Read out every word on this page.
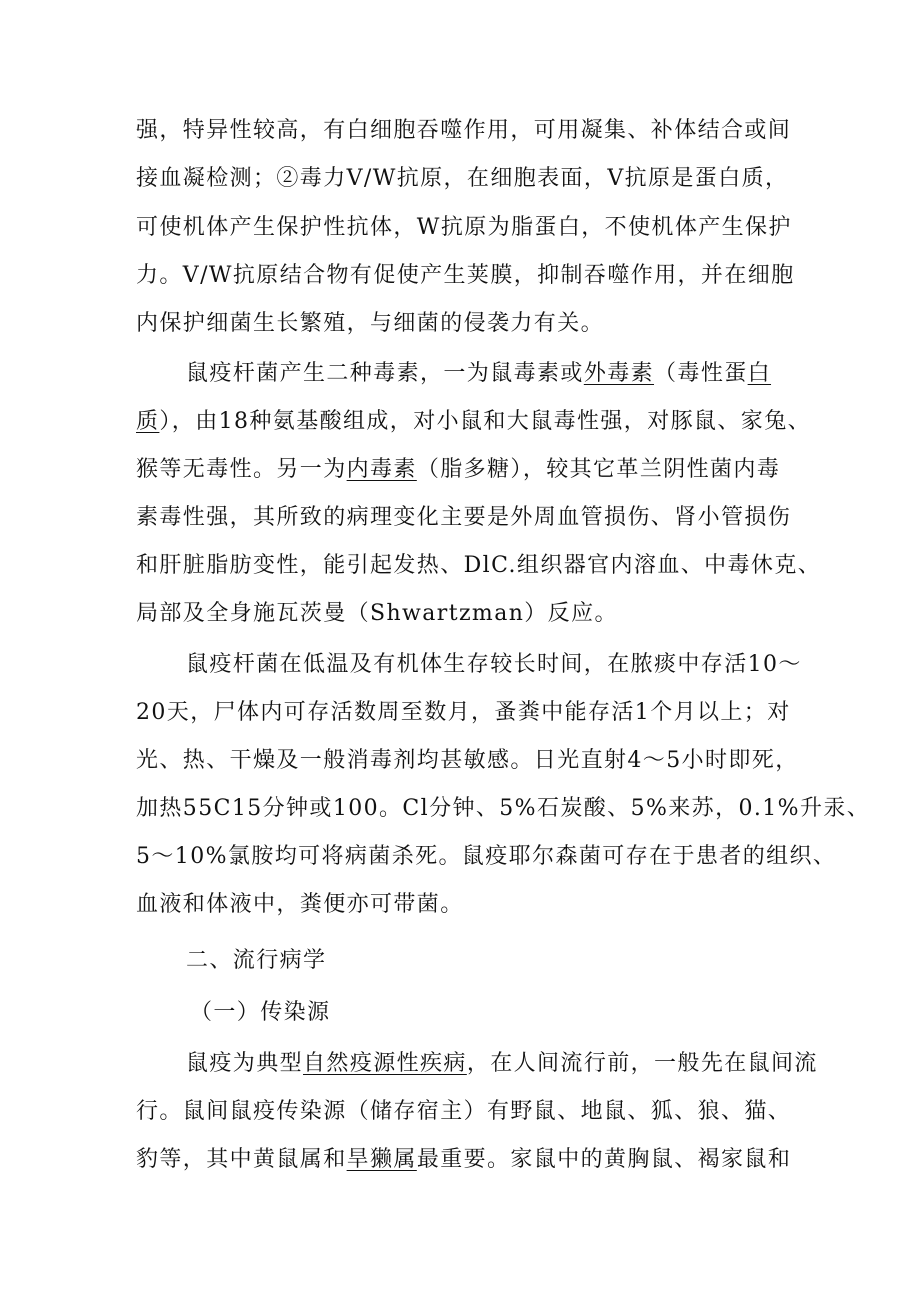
强，特异性较高，有白细胞吞噬作用，可用凝集、补体结合或间
接血凝检测；②毒力V/W抗原，在细胞表面，V抗原是蛋白质，
可使机体产生保护性抗体，W抗原为脂蛋白，不使机体产生保护
力。V/W抗原结合物有促使产生荚膜，抑制吞噬作用，并在细胞
内保护细菌生长繁殖，与细菌的侵袭力有关。
鼠疫杆菌产生二种毒素，一为鼠毒素或外毒素（毒性蛋白
质），由18种氨基酸组成，对小鼠和大鼠毒性强，对豚鼠、家兔、
猴等无毒性。另一为内毒素（脂多糖），较其它革兰阴性菌内毒
素毒性强，其所致的病理变化主要是外周血管损伤、肾小管损伤
和肝脏脂肪变性，能引起发热、DlC.组织器官内溶血、中毒休克、
局部及全身施瓦茨曼（Shwartzman）反应。
鼠疫杆菌在低温及有机体生存较长时间，在脓痰中存活10～
20天，尸体内可存活数周至数月，蚤粪中能存活1个月以上；对
光、热、干燥及一般消毒剂均甚敏感。日光直射4～5小时即死，
加热55C15分钟或100。Cl分钟、5%石炭酸、5%来苏，0.1%升汞、
5～10%氯胺均可将病菌杀死。鼠疫耶尔森菌可存在于患者的组织、
血液和体液中，粪便亦可带菌。
二、流行病学
（一）传染源
鼠疫为典型自然疫源性疾病，在人间流行前，一般先在鼠间流
行。鼠间鼠疫传染源（储存宿主）有野鼠、地鼠、狐、狼、猫、
豹等，其中黄鼠属和旱獭属最重要。家鼠中的黄胸鼠、褐家鼠和
